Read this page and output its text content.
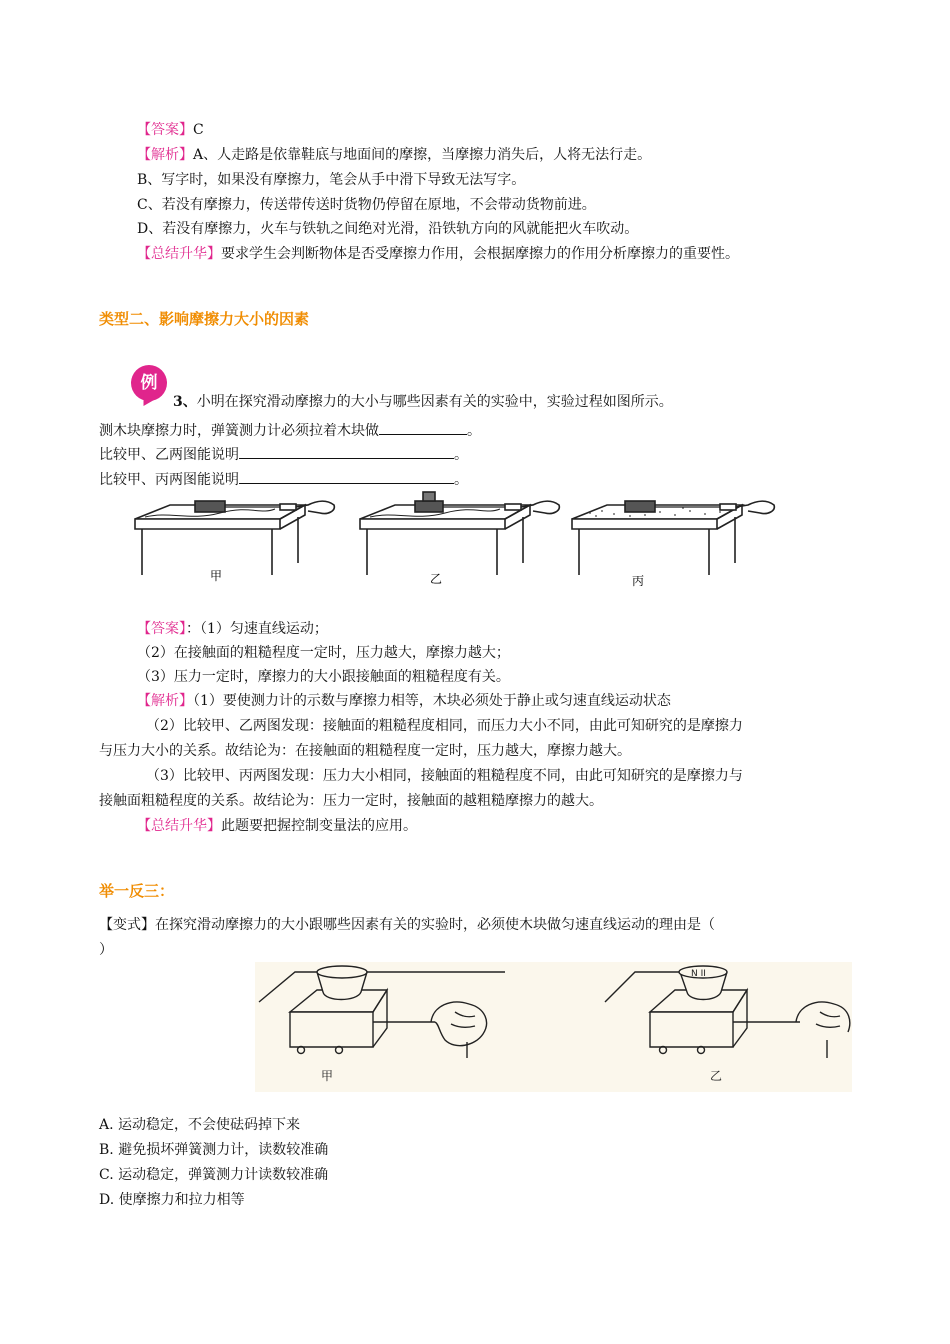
【答案】C
【解析】A、人走路是依靠鞋底与地面间的摩擦，当摩擦力消失后，人将无法行走。
B、写字时，如果没有摩擦力，笔会从手中滑下导致无法写字。
C、若没有摩擦力，传送带传送时货物仍停留在原地，不会带动货物前进。
D、若没有摩擦力，火车与铁轨之间绝对光滑，沿铁轨方向的风就能把火车吹动。
【总结升华】要求学生会判断物体是否受摩擦力作用，会根据摩擦力的作用分析摩擦力的重要性。
类型二、影响摩擦力大小的因素
例
3、小明在探究滑动摩擦力的大小与哪些因素有关的实验中，实验过程如图所示。
测木块摩擦力时，弹簧测力计必须拉着木块做	。
比较甲、乙两图能说明	。
比较甲、丙两图能说明	。
甲	乙	丙
【答案】：（1）匀速直线运动；
（2）在接触面的粗糙程度一定时，压力越大，摩擦力越大；
（3）压力一定时，摩擦力的大小跟接触面的粗糙程度有关。
【解析】（1）要使测力计的示数与摩擦力相等，木块必须处于静止或匀速直线运动状态
（2）比较甲、乙两图发现：接触面的粗糙程度相同，而压力大小不同，由此可知研究的是摩擦力
与压力大小的关系。故结论为：在接触面的粗糙程度一定时，压力越大，摩擦力越大。
（3）比较甲、丙两图发现：压力大小相同，接触面的粗糙程度不同，由此可知研究的是摩擦力与
接触面粗糙程度的关系。故结论为：压力一定时，接触面的越粗糙摩擦力的越大。
【总结升华】此题要把握控制变量法的应用。
举一反三：
【变式】在探究滑动摩擦力的大小跟哪些因素有关的实验时，必须使木块做匀速直线运动的理由是（
）
N II
甲	乙
A. 运动稳定，不会使砝码掉下来
B. 避免损坏弹簧测力计，读数较准确
C. 运动稳定，弹簧测力计读数较准确
D. 使摩擦力和拉力相等
